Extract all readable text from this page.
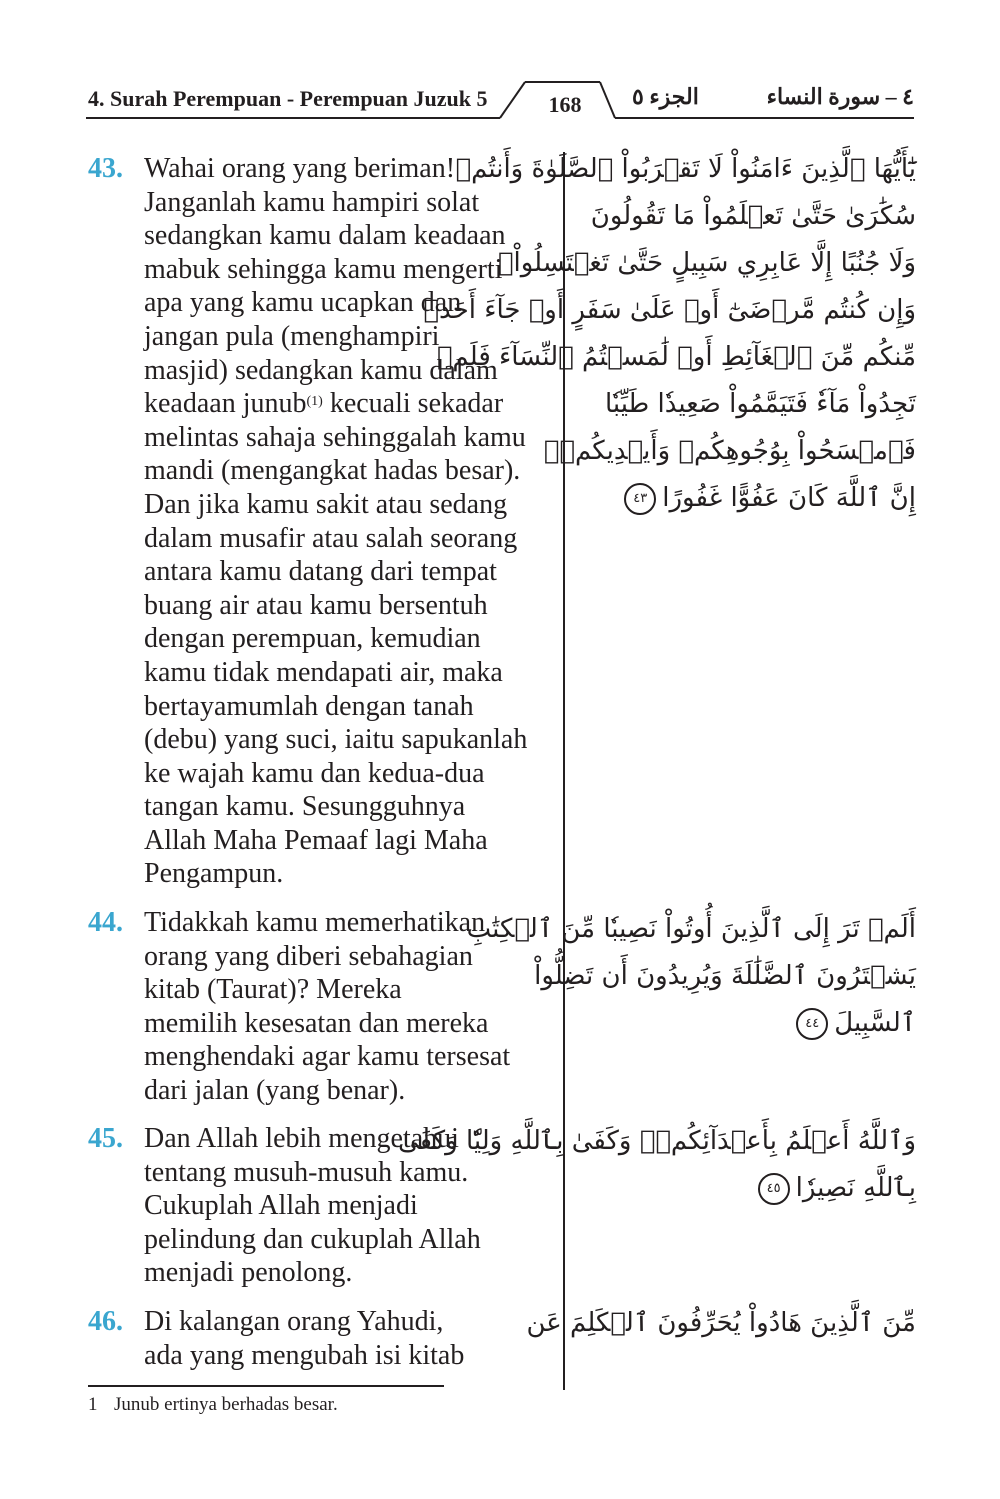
4. Surah Perempuan - Perempuan Juzuk 5	168	الجزء ٥	٤ – سورة النساء
43. Wahai orang yang beriman!
Janganlah kamu hampiri solat
sedangkan kamu dalam keadaan
mabuk sehingga kamu mengerti
apa yang kamu ucapkan dan
jangan pula (menghampiri
masjid) sedangkan kamu dalam
keadaan junub$^{(1)}$ kecuali sekadar
melintas sahaja sehinggalah kamu
mandi (mengangkat hadas besar).
Dan jika kamu sakit atau sedang
dalam musafir atau salah seorang
antara kamu datang dari tempat
buang air atau kamu bersentuh
dengan perempuan, kemudian
kamu tidak mendapati air, maka
bertayamumlah dengan tanah
(debu) yang suci, iaitu sapukanlah
ke wajah kamu dan kedua-dua
tangan kamu. Sesungguhnya
Allah Maha Pemaaf lagi Maha
Pengampun.
يَٰٓأَيُّهَا ٱلَّذِينَ ءَامَنُواْ لَا تَقۡرَبُواْ ٱلصَّلَوٰةَ وَأَنتُمۡ
سُكَٰرَىٰ حَتَّىٰ تَعۡلَمُواْ مَا تَقُولُونَ
وَلَا جُنُبًا إِلَّا عَابِرِي سَبِيلٍ حَتَّىٰ تَغۡتَسِلُواْۚ
وَإِن كُنتُم مَّرۡضَىٰٓ أَوۡ عَلَىٰ سَفَرٍ أَوۡ جَآءَ أَحَدٞ
مِّنكُم مِّنَ ٱلۡغَآئِطِ أَوۡ لَٰمَسۡتُمُ ٱلنِّسَآءَ فَلَمۡ
تَجِدُواْ مَآءٗ فَتَيَمَّمُواْ صَعِيدٗا طَيِّبٗا
فَٱمۡسَحُواْ بِوُجُوهِكُمۡ وَأَيۡدِيكُمۡۗ
إِنَّ ٱللَّهَ كَانَ عَفُوًّا غَفُورًا٤٣
44. Tidakkah kamu memerhatikan
orang yang diberi sebahagian
kitab (Taurat)? Mereka
memilih kesesatan dan mereka
menghendaki agar kamu tersesat
dari jalan (yang benar).
أَلَمۡ تَرَ إِلَى ٱلَّذِينَ أُوتُواْ نَصِيبٗا مِّنَ ٱلۡكِتَٰبِ
يَشۡتَرُونَ ٱلضَّلَٰلَةَ وَيُرِيدُونَ أَن تَضِلُّواْ
ٱلسَّبِيلَ٤٤
45. Dan Allah lebih mengetahui
tentang musuh-musuh kamu.
Cukuplah Allah menjadi
pelindung dan cukuplah Allah
menjadi penolong.
وَٱللَّهُ أَعۡلَمُ بِأَعۡدَآئِكُمۡۚ وَكَفَىٰ بِٱللَّهِ وَلِيّٗا وَكَفَىٰ
بِٱللَّهِ نَصِيرٗا٤٥
46. Di kalangan orang Yahudi,
ada yang mengubah isi kitab
مِّنَ ٱلَّذِينَ هَادُواْ يُحَرِّفُونَ ٱلۡكَلِمَ عَن
1 Junub ertinya berhadas besar.
